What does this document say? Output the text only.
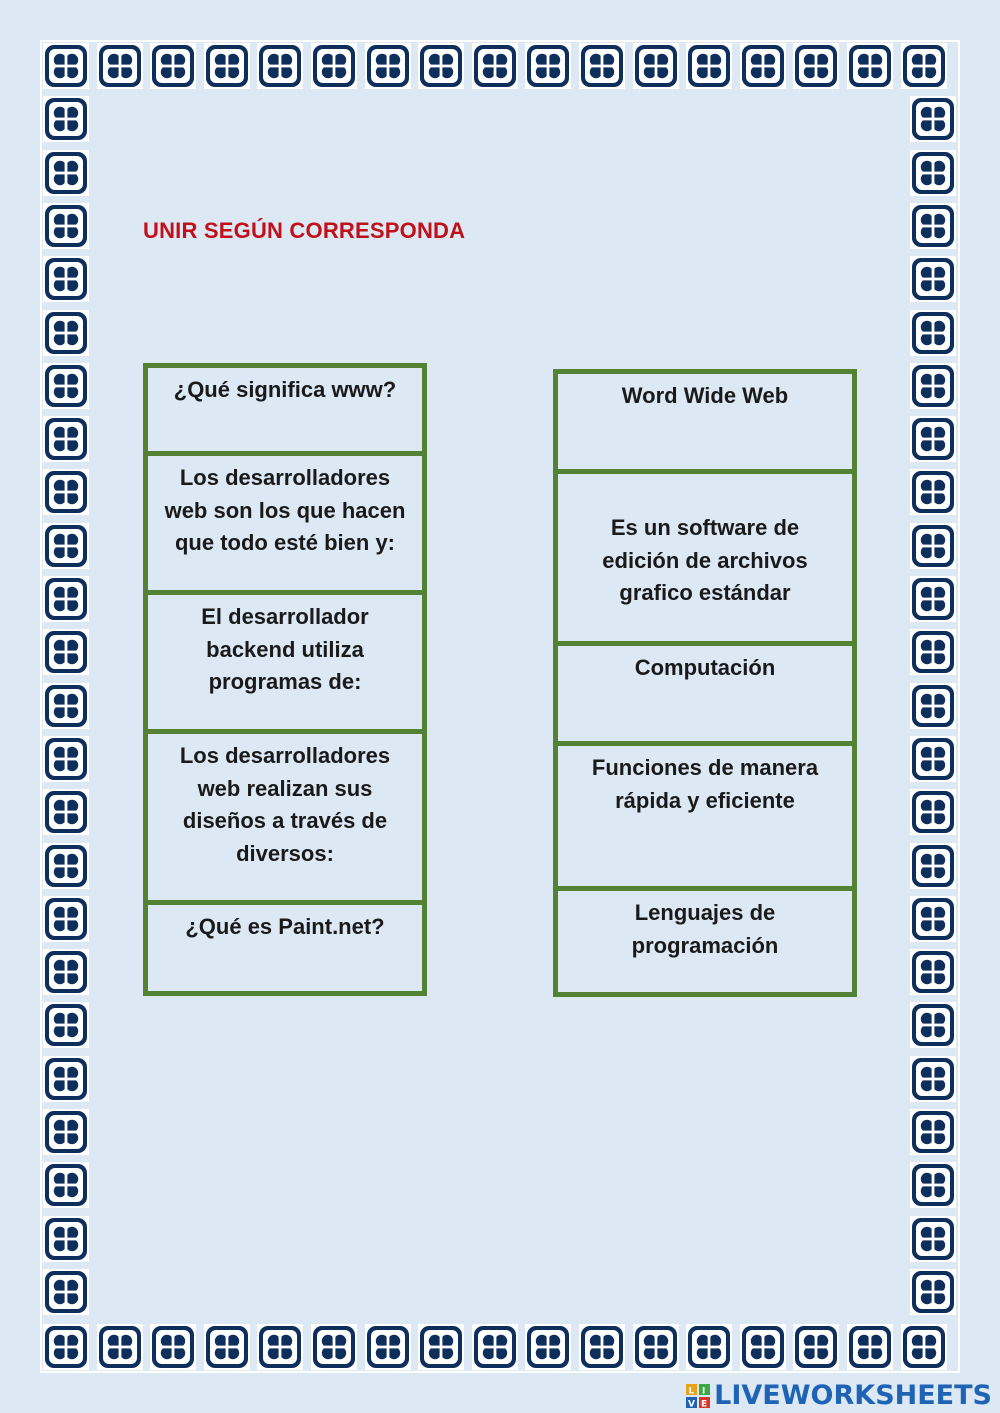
UNIR SEGÚN CORRESPONDA
¿Qué significa www?
Los desarrolladores web son los que hacen que todo esté bien y:
El desarrollador backend utiliza programas de:
Los desarrolladores web realizan sus diseños a través de diversos:
¿Qué es Paint.net?
Word Wide Web
Es un software de edición de archivos grafico estándar
Computación
Funciones de manera rápida y eficiente
Lenguajes de programación
L I
V E LIVEWORKSHEETS
